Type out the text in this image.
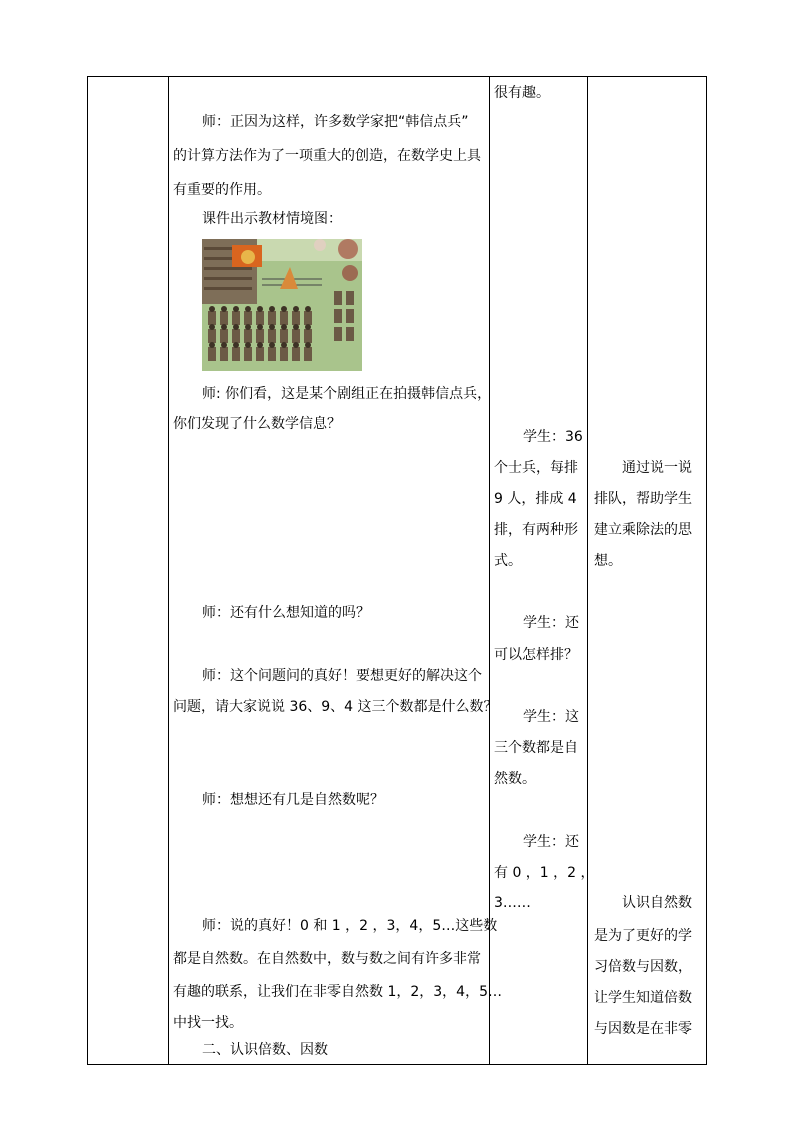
师：正因为这样，许多数学家把“韩信点兵”
的计算方法作为了一项重大的创造，在数学史上具
有重要的作用。
课件出示教材情境图：
师: 你们看，这是某个剧组正在拍摄韩信点兵，
你们发现了什么数学信息？
师：还有什么想知道的吗？
师：这个问题问的真好！要想更好的解决这个
问题，请大家说说 36、9、4 这三个数都是什么数？
师：想想还有几是自然数呢？
师：说的真好！0 和 1 ，2 ，3，4，5…这些数
都是自然数。在自然数中，数与数之间有许多非常
有趣的联系，让我们在非零自然数 1，2，3，4，5…
中找一找。
二、认识倍数、因数
很有趣。
学生：36
个士兵，每排
9 人，排成 4
排，有两种形
式。
学生：还
可以怎样排？
学生：这
三个数都是自
然数。
学生：还
有 0 ，1 ，2 ，
3……
通过说一说
排队，帮助学生
建立乘除法的思
想。
认识自然数
是为了更好的学
习倍数与因数，
让学生知道倍数
与因数是在非零
